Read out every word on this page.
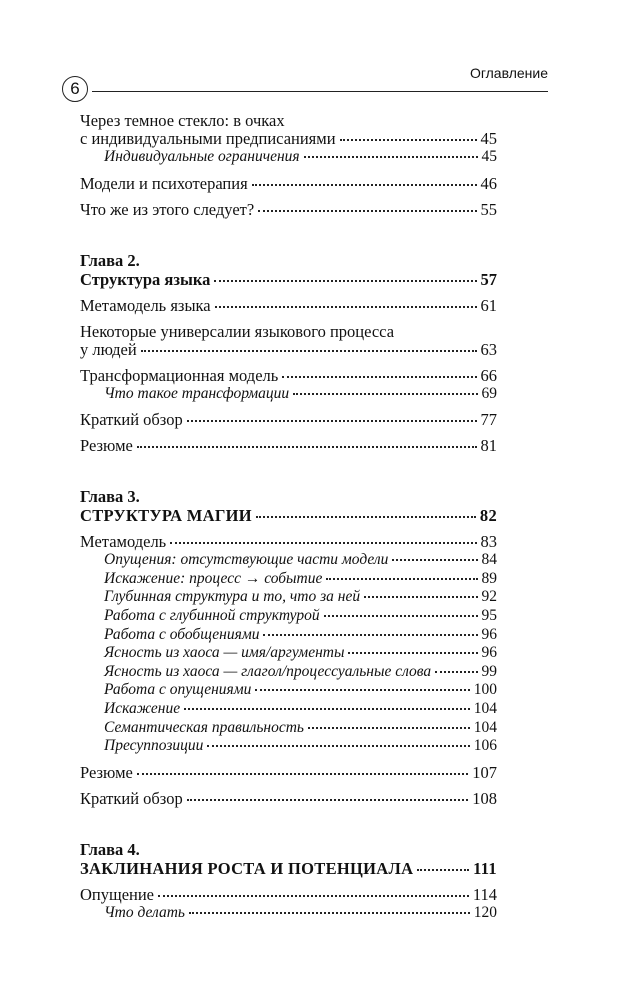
6
Оглавление
Через темное стекло: в очках
с индивидуальными предписаниями	45
Индивидуальные ограничения	45
Модели и психотерапия	46
Что же из этого следует?	55
Глава 2.
Структура языка	57
Метамодель языка	61
Некоторые универсалии языкового процесса
у людей	63
Трансформационная модель	66
Что такое трансформации	69
Краткий обзор	77
Резюме	81
Глава 3.
СТРУКТУРА МАГИИ	82
Метамодель	83
Опущения: отсутствующие части модели	84
Искажение: процесс → событие	89
Глубинная структура и то, что за ней	92
Работа с глубинной структурой	95
Работа с обобщениями	96
Ясность из хаоса — имя/аргументы	96
Ясность из хаоса — глагол/процессуальные слова	99
Работа с опущениями	100
Искажение	104
Семантическая правильность	104
Пресуппозиции	106
Резюме	107
Краткий обзор	108
Глава 4.
ЗАКЛИНАНИЯ РОСТА И ПОТЕНЦИАЛА	111
Опущение	114
Что делать	120
